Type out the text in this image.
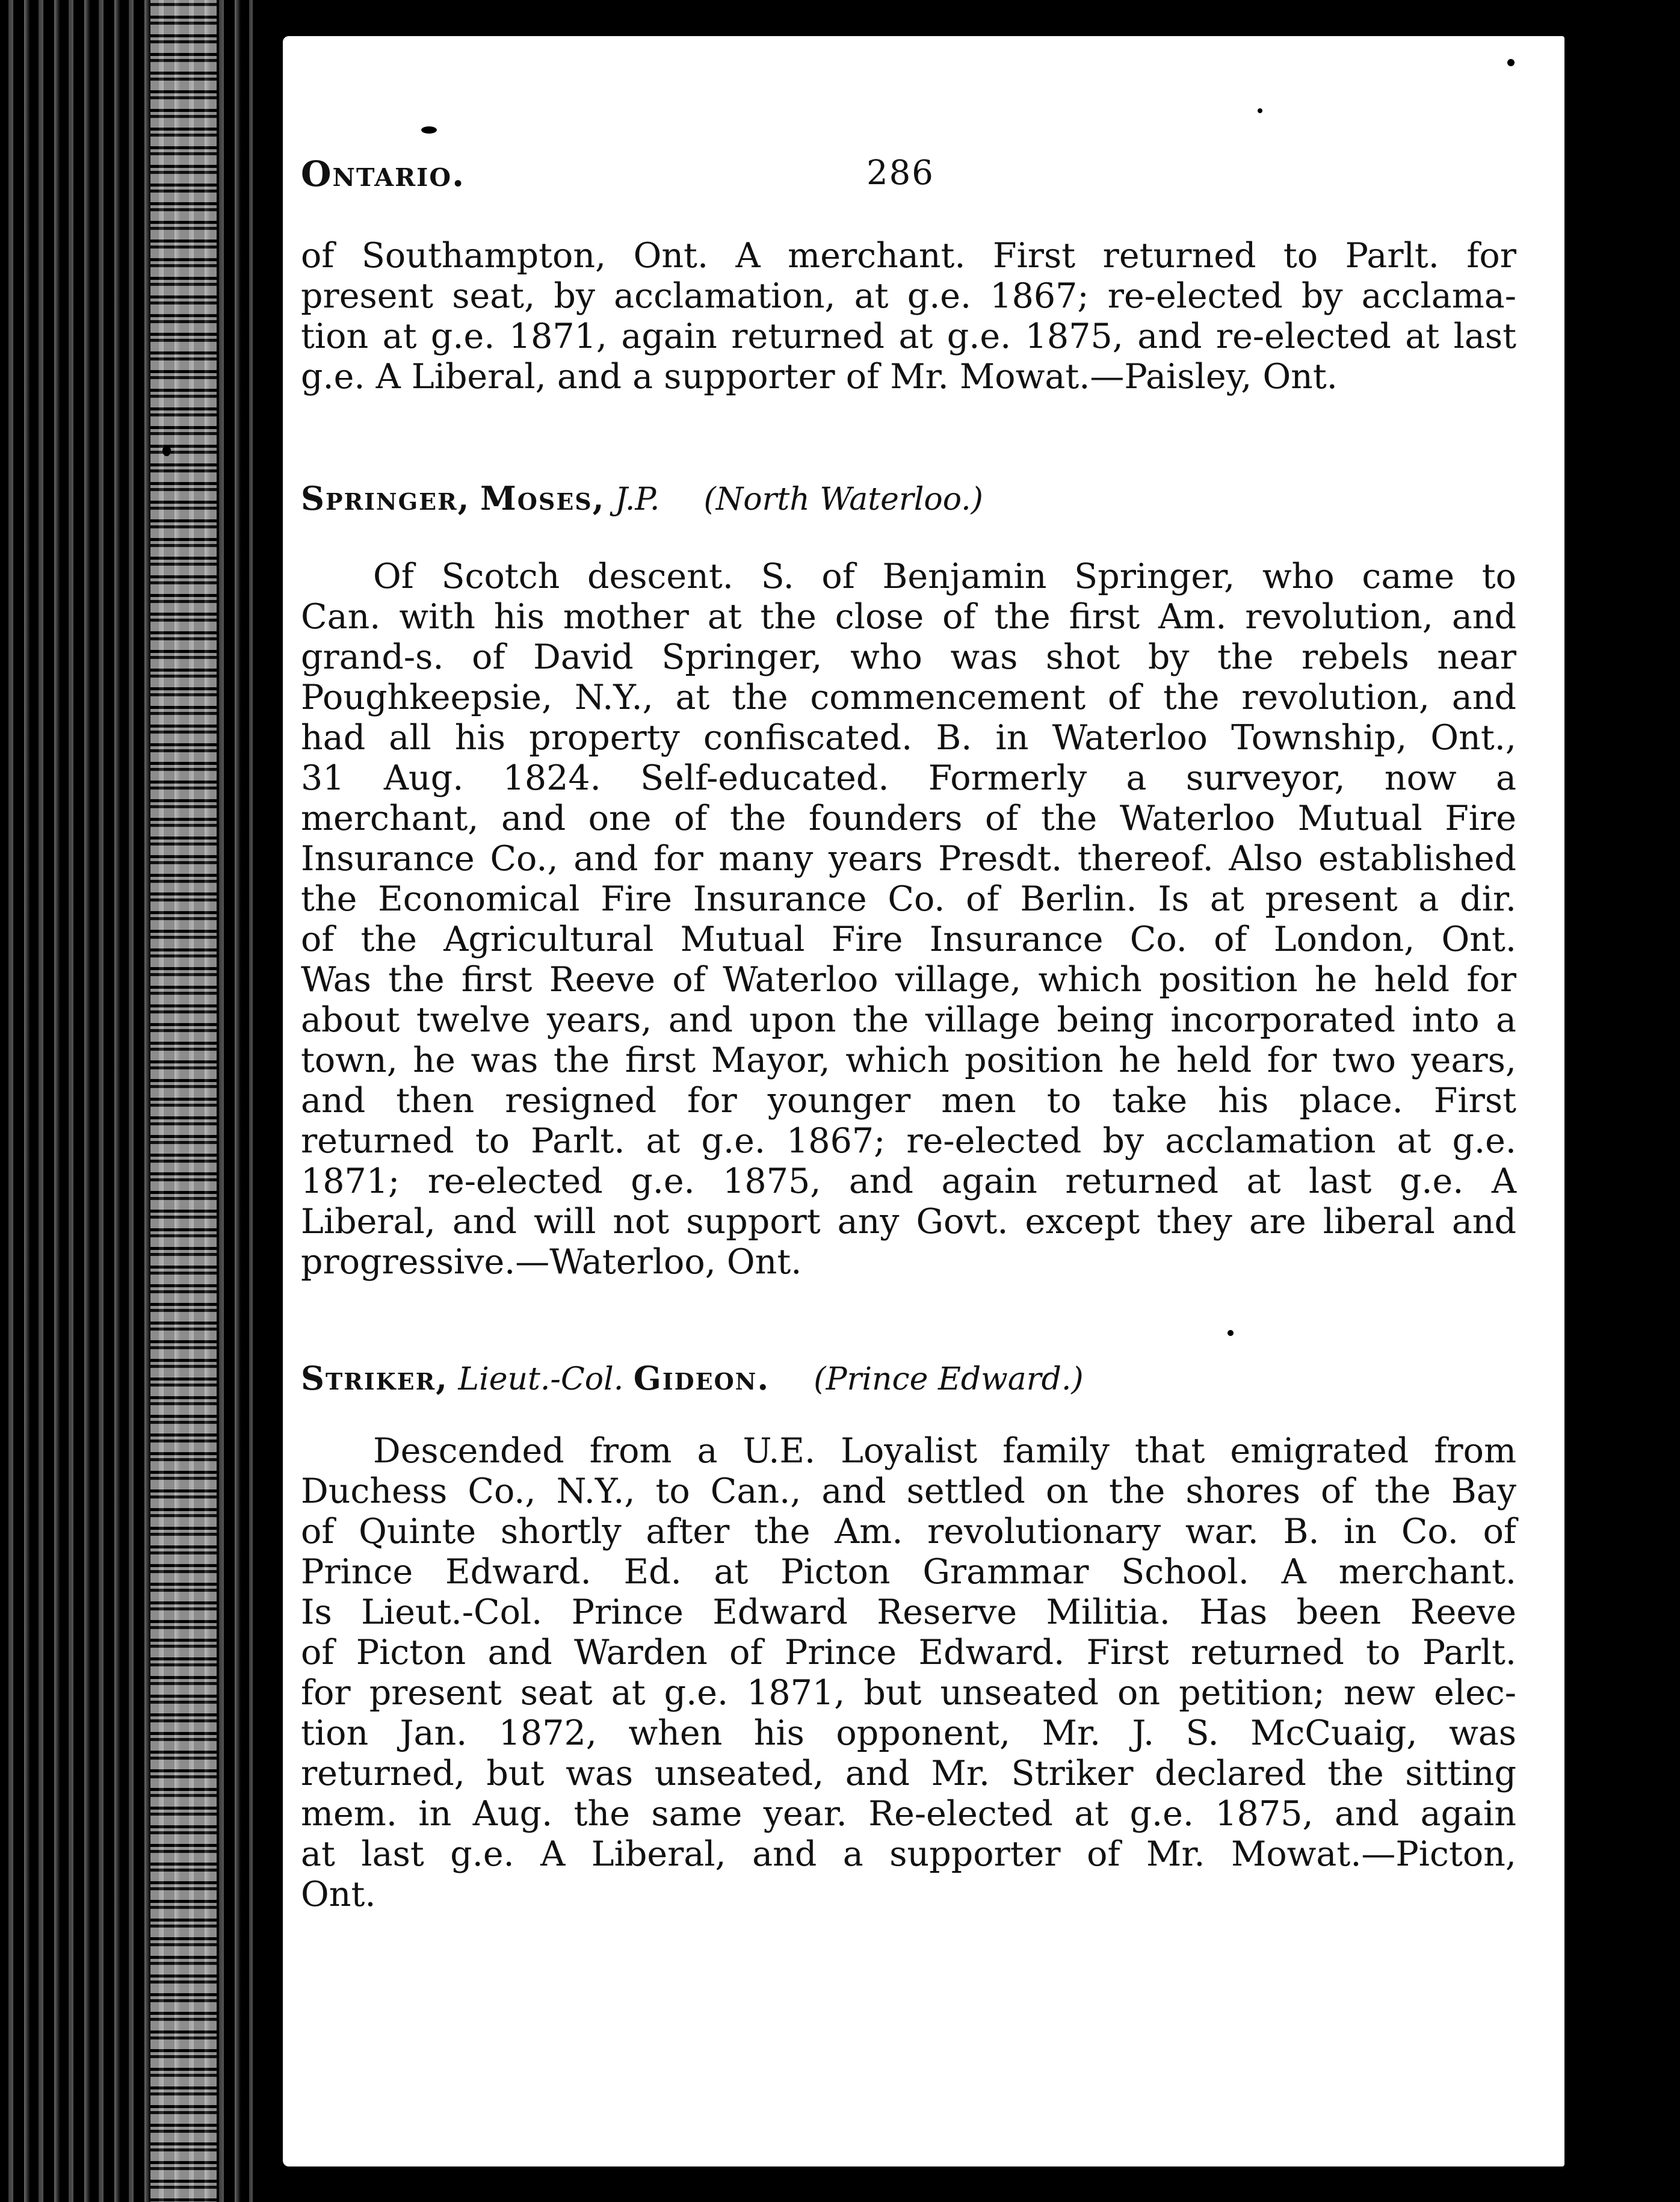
Ontario.	286
of Southampton, Ont. A merchant. First returned to Parlt. for
present seat, by acclamation, at g.e. 1867; re-elected by acclama-
tion at g.e. 1871, again returned at g.e. 1875, and re-elected at last
g.e. A Liberal, and a supporter of Mr. Mowat.—Paisley, Ont.
Springer, Moses, J.P. (North Waterloo.)
Of Scotch descent. S. of Benjamin Springer, who came to
Can. with his mother at the close of the first Am. revolution, and
grand-s. of David Springer, who was shot by the rebels near
Poughkeepsie, N.Y., at the commencement of the revolution, and
had all his property confiscated. B. in Waterloo Township, Ont.,
31 Aug. 1824. Self-educated. Formerly a surveyor, now a
merchant, and one of the founders of the Waterloo Mutual Fire
Insurance Co., and for many years Presdt. thereof. Also established
the Economical Fire Insurance Co. of Berlin. Is at present a dir.
of the Agricultural Mutual Fire Insurance Co. of London, Ont.
Was the first Reeve of Waterloo village, which position he held for
about twelve years, and upon the village being incorporated into a
town, he was the first Mayor, which position he held for two years,
and then resigned for younger men to take his place. First
returned to Parlt. at g.e. 1867; re-elected by acclamation at g.e.
1871; re-elected g.e. 1875, and again returned at last g.e. A
Liberal, and will not support any Govt. except they are liberal and
progressive.—Waterloo, Ont.
Striker, Lieut.-Col. Gideon. (Prince Edward.)
Descended from a U.E. Loyalist family that emigrated from
Duchess Co., N.Y., to Can., and settled on the shores of the Bay
of Quinte shortly after the Am. revolutionary war. B. in Co. of
Prince Edward. Ed. at Picton Grammar School. A merchant.
Is Lieut.-Col. Prince Edward Reserve Militia. Has been Reeve
of Picton and Warden of Prince Edward. First returned to Parlt.
for present seat at g.e. 1871, but unseated on petition; new elec-
tion Jan. 1872, when his opponent, Mr. J. S. McCuaig, was
returned, but was unseated, and Mr. Striker declared the sitting
mem. in Aug. the same year. Re-elected at g.e. 1875, and again
at last g.e. A Liberal, and a supporter of Mr. Mowat.—Picton,
Ont.
